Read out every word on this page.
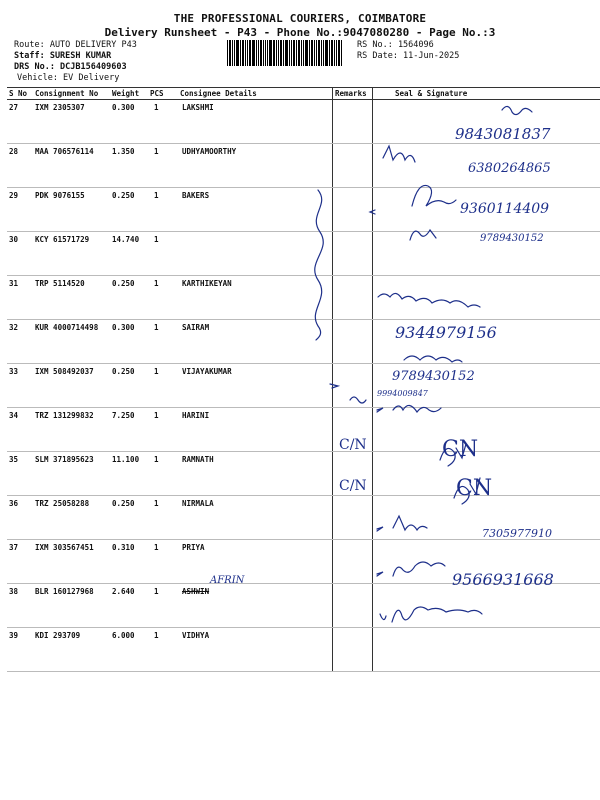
THE PROFESSIONAL COURIERS, COIMBATORE
Delivery Runsheet - P43 - Phone No.:9047080280 - Page No.:3
Route: AUTO DELIVERY P43
Staff: SURESH KUMAR
DRS No.: DCJB156409603
Vehicle: EV Delivery
RS No.: 1564096
RS Date: 11-Jun-2025
S No	Consignment No	Weight	PCS	Consignee Details	Remarks	Seal & Signature
27	IXM 2305307	0.300	1	LAKSHMI		
28	MAA 706576114	1.350	1	UDHYAMOORTHY		
29	PDK 9076155	0.250	1	BAKERS		
30	KCY 61571729	14.740	1			
31	TRP 5114520	0.250	1	KARTHIKEYAN		
32	KUR 4000714498	0.300	1	SAIRAM		
33	IXM 508492037	0.250	1	VIJAYAKUMAR		
34	TRZ 131299832	7.250	1	HARINI		
35	SLM 371895623	11.100	1	RAMNATH		
36	TRZ 25058288	0.250	1	NIRMALA		
37	IXM 303567451	0.310	1	PRIYA		
38	BLR 160127968	2.640	1	ASHWIN		
39	KDI 293709	6.000	1	VIDHYA		
9843081837
6380264865
9360114409
9789430152
9344979156
9789430152
9994009847
C/N
C/N
CN
CN
7305977910
9566931668
AFRIN
